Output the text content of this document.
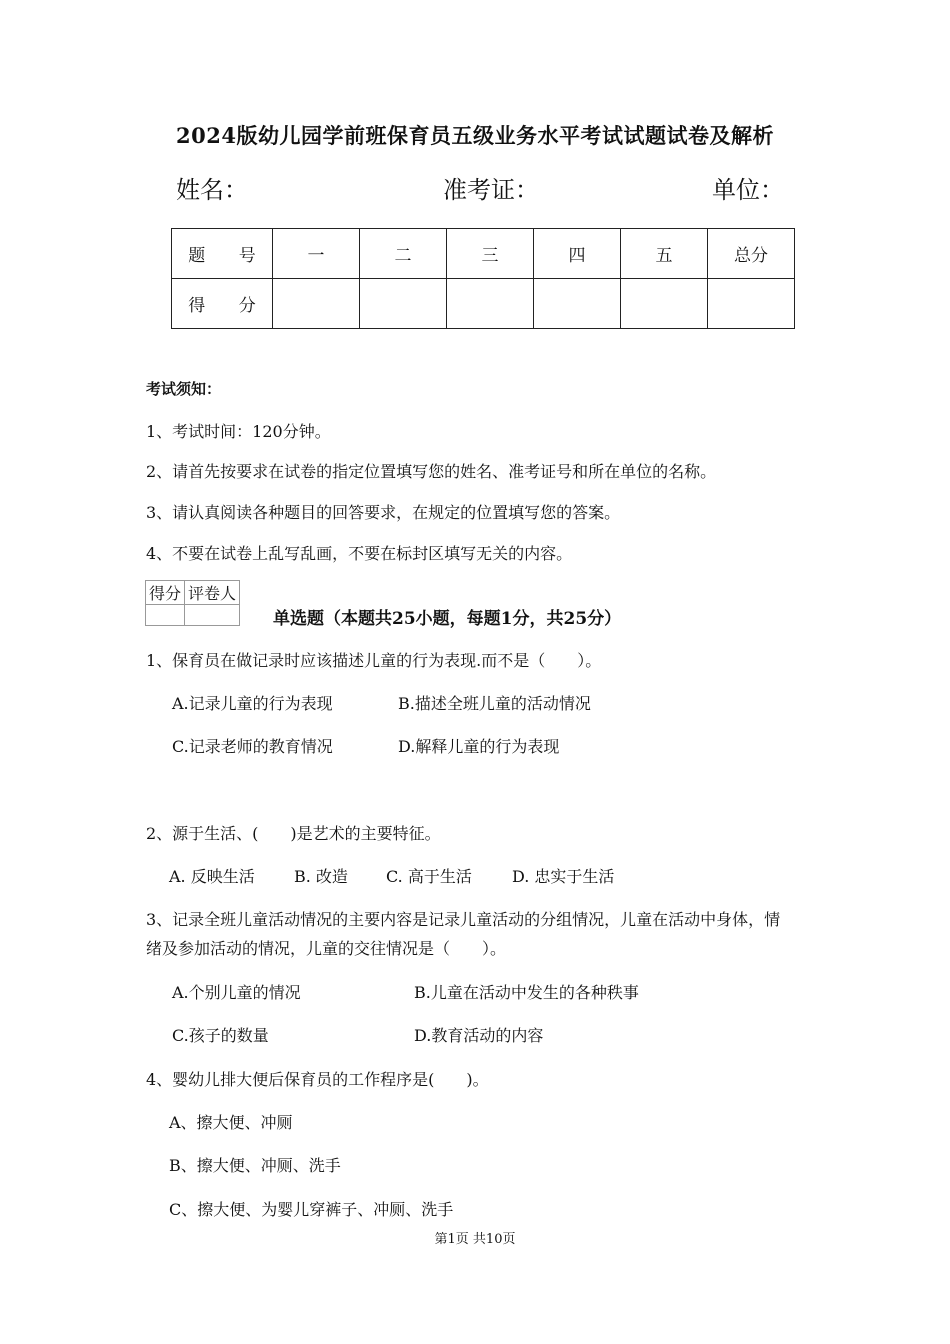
2024版幼儿园学前班保育员五级业务水平考试试题试卷及解析
姓名：	准考证：	单位：
题 号	一	二	三	四	五	总分
得 分						
考试须知：
1、考试时间：120分钟。
2、请首先按要求在试卷的指定位置填写您的姓名、准考证号和所在单位的名称。
3、请认真阅读各种题目的回答要求，在规定的位置填写您的答案。
4、不要在试卷上乱写乱画，不要在标封区填写无关的内容。
得分	评卷人

单选题（本题共25小题，每题1分，共25分）
1、保育员在做记录时应该描述儿童的行为表现.而不是（　　）。
A.记录儿童的行为表现	B.描述全班儿童的活动情况
C.记录老师的教育情况	D.解释儿童的行为表现
2、源于生活、(　　)是艺术的主要特征。
A. 反映生活 B. 改造 C. 高于生活	D. 忠实于生活
3、记录全班儿童活动情况的主要内容是记录儿童活动的分组情况，儿童在活动中身体，情
绪及参加活动的情况，儿童的交往情况是（　　）。
A.个别儿童的情况	B.儿童在活动中发生的各种秩事
C.孩子的数量	D.教育活动的内容
4、婴幼儿排大便后保育员的工作程序是(　　)。
A、擦大便、冲厕
B、擦大便、冲厕、洗手
C、擦大便、为婴儿穿裤子、冲厕、洗手
第1页 共10页
